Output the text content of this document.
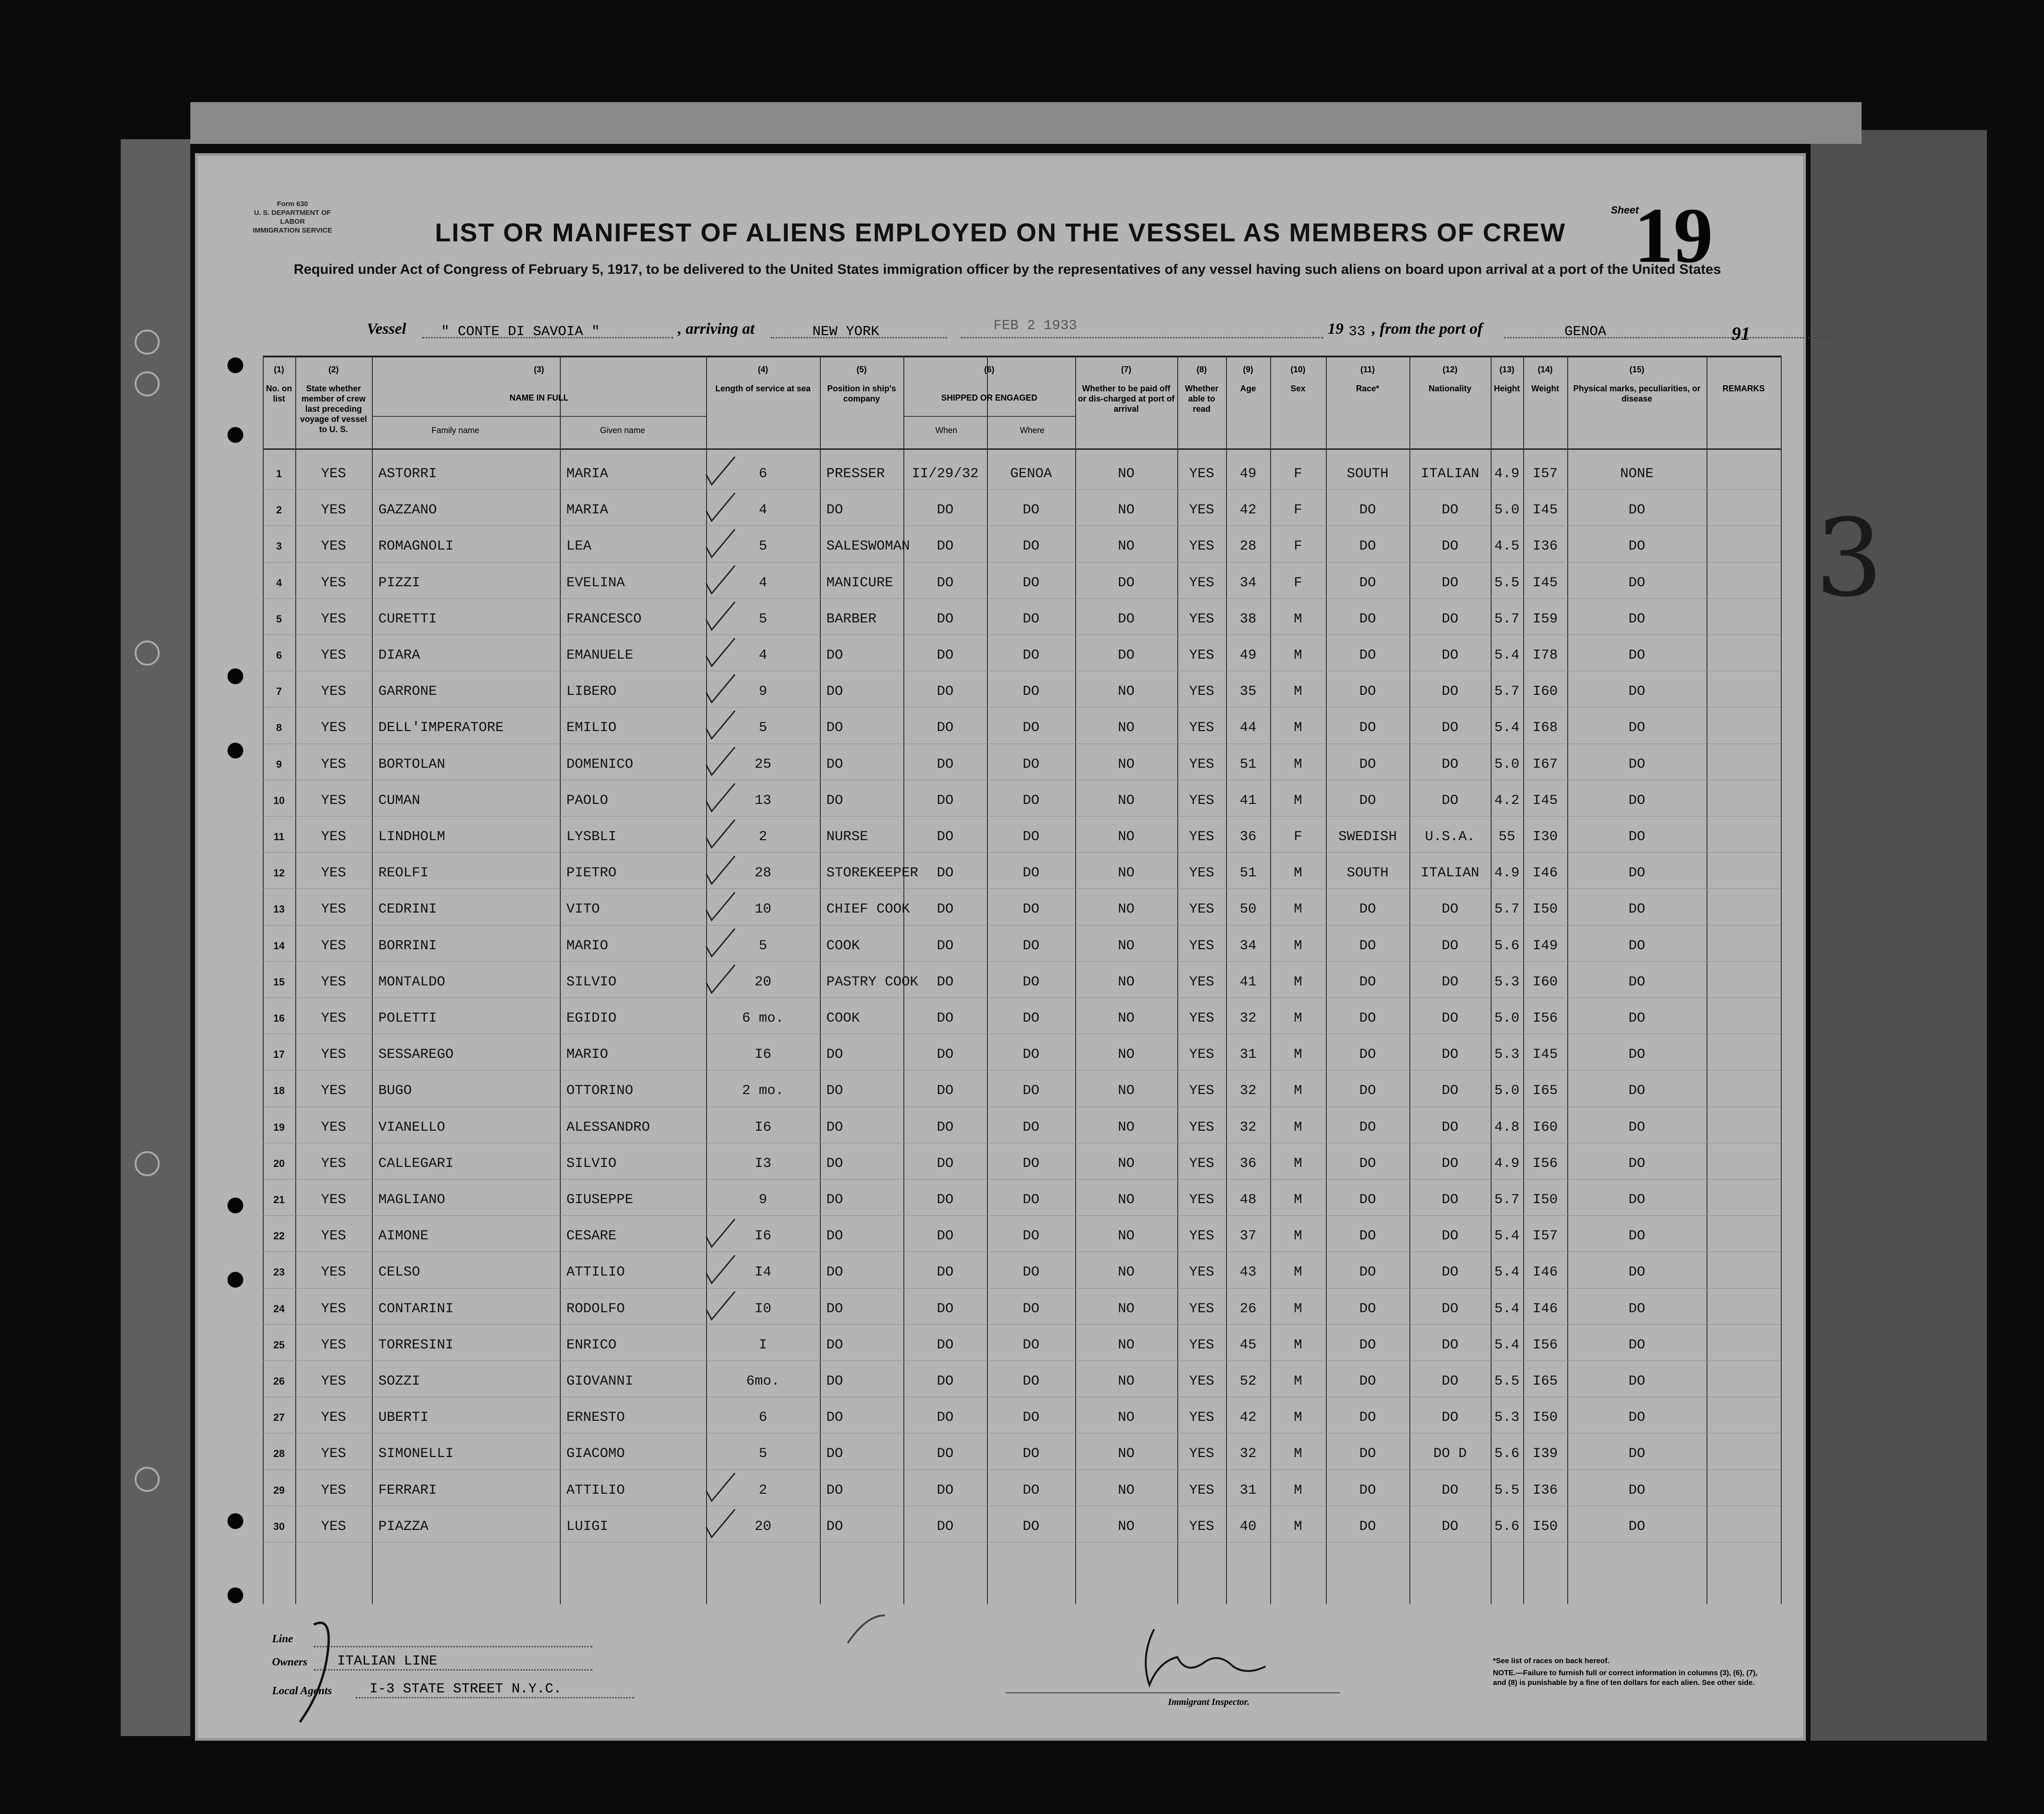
Form 630
U. S. DEPARTMENT OF LABOR
IMMIGRATION SERVICE	LIST OR MANIFEST OF ALIENS EMPLOYED ON THE VESSEL AS MEMBERS OF CREW
Required under Act of Congress of February 5, 1917, to be delivered to the United States immigration officer by the representatives of any vessel having such aliens on board upon arrival at a port of the United States
Sheet
19
Vessel	" CONTE DI SAVOIA "	, arriving at	NEW YORK	FEB 2 1933	19 33 , from the port of	GENOA	91
(1)
No. on list
(2)
State whether member of crew last preceding voyage of vessel to U. S.
(3)
NAME IN FULL
Family name	Given name
(4)
Length of service at sea
(5)
Position in ship's company
(6)
SHIPPED OR ENGAGED
When	Where
(7)
Whether to be paid off or dis-charged at port of arrival
(8)
Whether able to read
(9)
Age
(10)
Sex
(11)
Race*
(12)
Nationality
(13)
Height
(14)
Weight
(15)
Physical marks, peculiarities, or disease
REMARKS
1	YES	ASTORRI	MARIA	6	PRESSER	II/29/32	GENOA	NO	YES	49	F	SOUTH	ITALIAN	4.9 I57	NONE
2	YES	GAZZANO	MARIA	4	DO	DO	DO	NO	YES	42	F	DO	DO	5.0 I45	DO
3	YES	ROMAGNOLI	LEA	5	SALESWOMAN	DO	DO	NO	YES	28	F	DO	DO	4.5 I36	DO
4	YES	PIZZI	EVELINA	4	MANICURE	DO	DO	DO	YES	34	F	DO	DO	5.5 I45	DO
5	YES	CURETTI	FRANCESCO	5	BARBER	DO	DO	DO	YES	38	M	DO	DO	5.7 I59	DO
6	YES	DIARA	EMANUELE	4	DO	DO	DO	DO	YES	49	M	DO	DO	5.4 I78	DO
7	YES	GARRONE	LIBERO	9	DO	DO	DO	NO	YES	35	M	DO	DO	5.7 I60	DO
8	YES	DELL'IMPERATORE	EMILIO	5	DO	DO	DO	NO	YES	44	M	DO	DO	5.4 I68	DO
9	YES	BORTOLAN	DOMENICO	25	DO	DO	DO	NO	YES	51	M	DO	DO	5.0 I67	DO
10	YES	CUMAN	PAOLO	13	DO	DO	DO	NO	YES	41	M	DO	DO	4.2 I45	DO
11	YES	LINDHOLM	LYSBLI	2	NURSE	DO	DO	NO	YES	36	F	SWEDISH	U.S.A.	55	I30	DO
12	YES	REOLFI	PIETRO	28	STOREKEEPER	DO	DO	NO	YES	51	M	SOUTH	ITALIAN	4.9 I46	DO
13	YES	CEDRINI	VITO	10	CHIEF COOK	DO	DO	NO	YES	50	M	DO	DO	5.7 I50	DO
14	YES	BORRINI	MARIO	5	COOK	DO	DO	NO	YES	34	M	DO	DO	5.6 I49	DO
15	YES	MONTALDO	SILVIO	20	PASTRY COOK	DO	DO	NO	YES	41	M	DO	DO	5.3 I60	DO
16	YES	POLETTI	EGIDIO	6 mo.	COOK	DO	DO	NO	YES	32	M	DO	DO	5.0 I56	DO
17	YES	SESSAREGO	MARIO	I6	DO	DO	DO	NO	YES	31	M	DO	DO	5.3 I45	DO
18	YES	BUGO	OTTORINO	2 mo.	DO	DO	DO	NO	YES	32	M	DO	DO	5.0 I65	DO
19	YES	VIANELLO	ALESSANDRO	I6	DO	DO	DO	NO	YES	32	M	DO	DO	4.8 I60	DO
20	YES	CALLEGARI	SILVIO	I3	DO	DO	DO	NO	YES	36	M	DO	DO	4.9 I56	DO
21	YES	MAGLIANO	GIUSEPPE	9	DO	DO	DO	NO	YES	48	M	DO	DO	5.7 I50	DO
22	YES	AIMONE	CESARE	I6	DO	DO	DO	NO	YES	37	M	DO	DO	5.4 I57	DO
23	YES	CELSO	ATTILIO	I4	DO	DO	DO	NO	YES	43	M	DO	DO	5.4 I46	DO
24	YES	CONTARINI	RODOLFO	I0	DO	DO	DO	NO	YES	26	M	DO	DO	5.4 I46	DO
25	YES	TORRESINI	ENRICO	I	DO	DO	DO	NO	YES	45	M	DO	DO	5.4 I56	DO
26	YES	SOZZI	GIOVANNI	6mo.	DO	DO	DO	NO	YES	52	M	DO	DO	5.5 I65	DO
27	YES	UBERTI	ERNESTO	6	DO	DO	DO	NO	YES	42	M	DO	DO	5.3 I50	DO
28	YES	SIMONELLI	GIACOMO	5	DO	DO	DO	NO	YES	32	M	DO	DO D	5.6 I39	DO
29	YES	FERRARI	ATTILIO	2	DO	DO	DO	NO	YES	31	M	DO	DO	5.5 I36	DO
30	YES	PIAZZA	LUIGI	20	DO	DO	DO	NO	YES	40	M	DO	DO	5.6 I50	DO
Line
Owners ITALIAN LINE
Local Agents	I-3 STATE STREET N.Y.C.
Immigrant Inspector.
*See list of races on back hereof.
NOTE.—Failure to furnish full or correct information in columns (3), (6), (7), and (8) is punishable by a fine of ten dollars for each alien. See other side.
3
